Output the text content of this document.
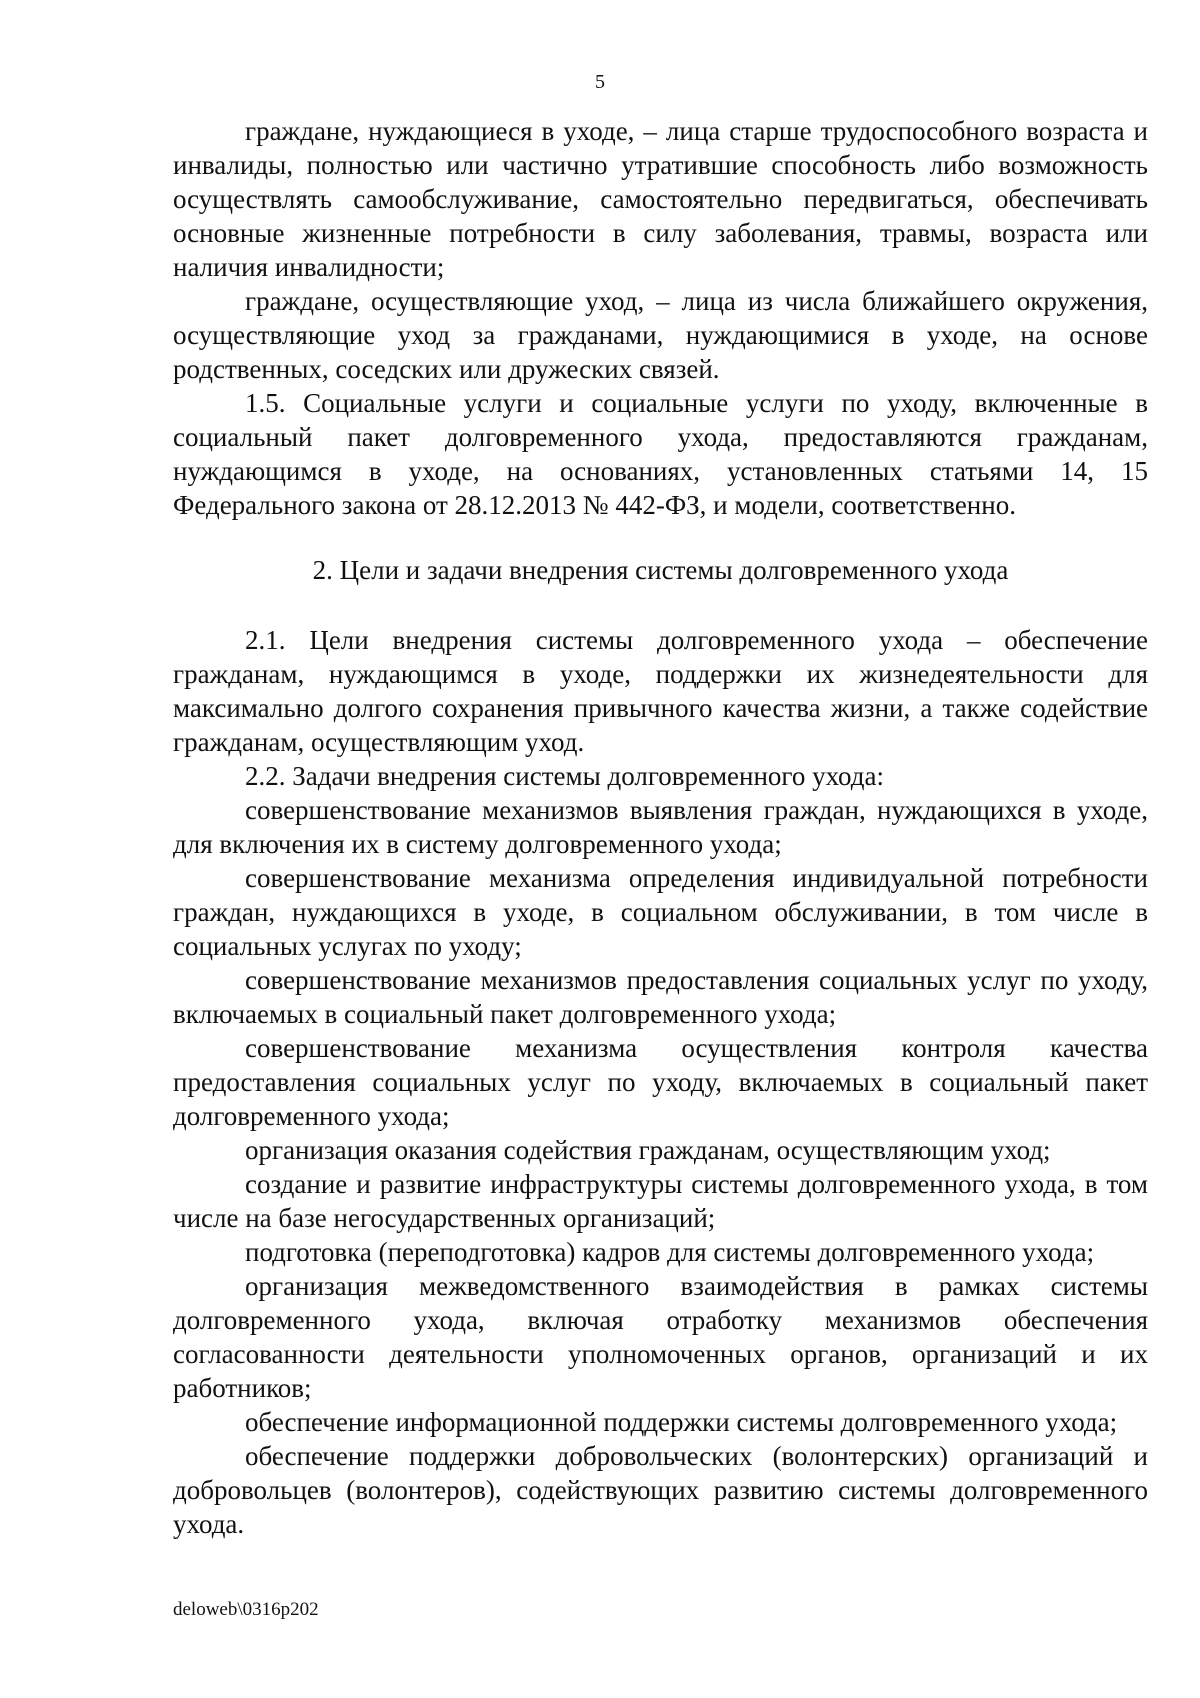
5

граждане, нуждающиеся в уходе, – лица старше трудоспособного возраста и инвалиды, полностью или частично утратившие способность либо возможность осуществлять самообслуживание, самостоятельно передвигаться, обеспечивать основные жизненные потребности в силу заболевания, травмы, возраста или наличия инвалидности;

граждане, осуществляющие уход, – лица из числа ближайшего окружения, осуществляющие уход за гражданами, нуждающимися в уходе, на основе родственных, соседских или дружеских связей.

1.5. Социальные услуги и социальные услуги по уходу, включенные в социальный пакет долговременного ухода, предоставляются гражданам, нуждающимся в уходе, на основаниях, установленных статьями 14, 15 Федерального закона от 28.12.2013 № 442-ФЗ, и модели, соответственно.

2. Цели и задачи внедрения системы долговременного ухода

2.1. Цели внедрения системы долговременного ухода – обеспечение гражданам, нуждающимся в уходе, поддержки их жизнедеятельности для максимально долгого сохранения привычного качества жизни, а также содействие гражданам, осуществляющим уход.

2.2. Задачи внедрения системы долговременного ухода:

совершенствование механизмов выявления граждан, нуждающихся в уходе, для включения их в систему долговременного ухода;

совершенствование механизма определения индивидуальной потребности граждан, нуждающихся в уходе, в социальном обслуживании, в том числе в социальных услугах по уходу;

совершенствование механизмов предоставления социальных услуг по уходу, включаемых в социальный пакет долговременного ухода;

совершенствование механизма осуществления контроля качества предоставления социальных услуг по уходу, включаемых в социальный пакет долговременного ухода;

организация оказания содействия гражданам, осуществляющим уход;

создание и развитие инфраструктуры системы долговременного ухода, в том числе на базе негосударственных организаций;

подготовка (переподготовка) кадров для системы долговременного ухода;

организация межведомственного взаимодействия в рамках системы долговременного ухода, включая отработку механизмов обеспечения согласованности деятельности уполномоченных органов, организаций и их работников;

обеспечение информационной поддержки системы долговременного ухода;

обеспечение поддержки добровольческих (волонтерских) организаций и добровольцев (волонтеров), содействующих развитию системы долговременного ухода.

deloweb\0316p202
